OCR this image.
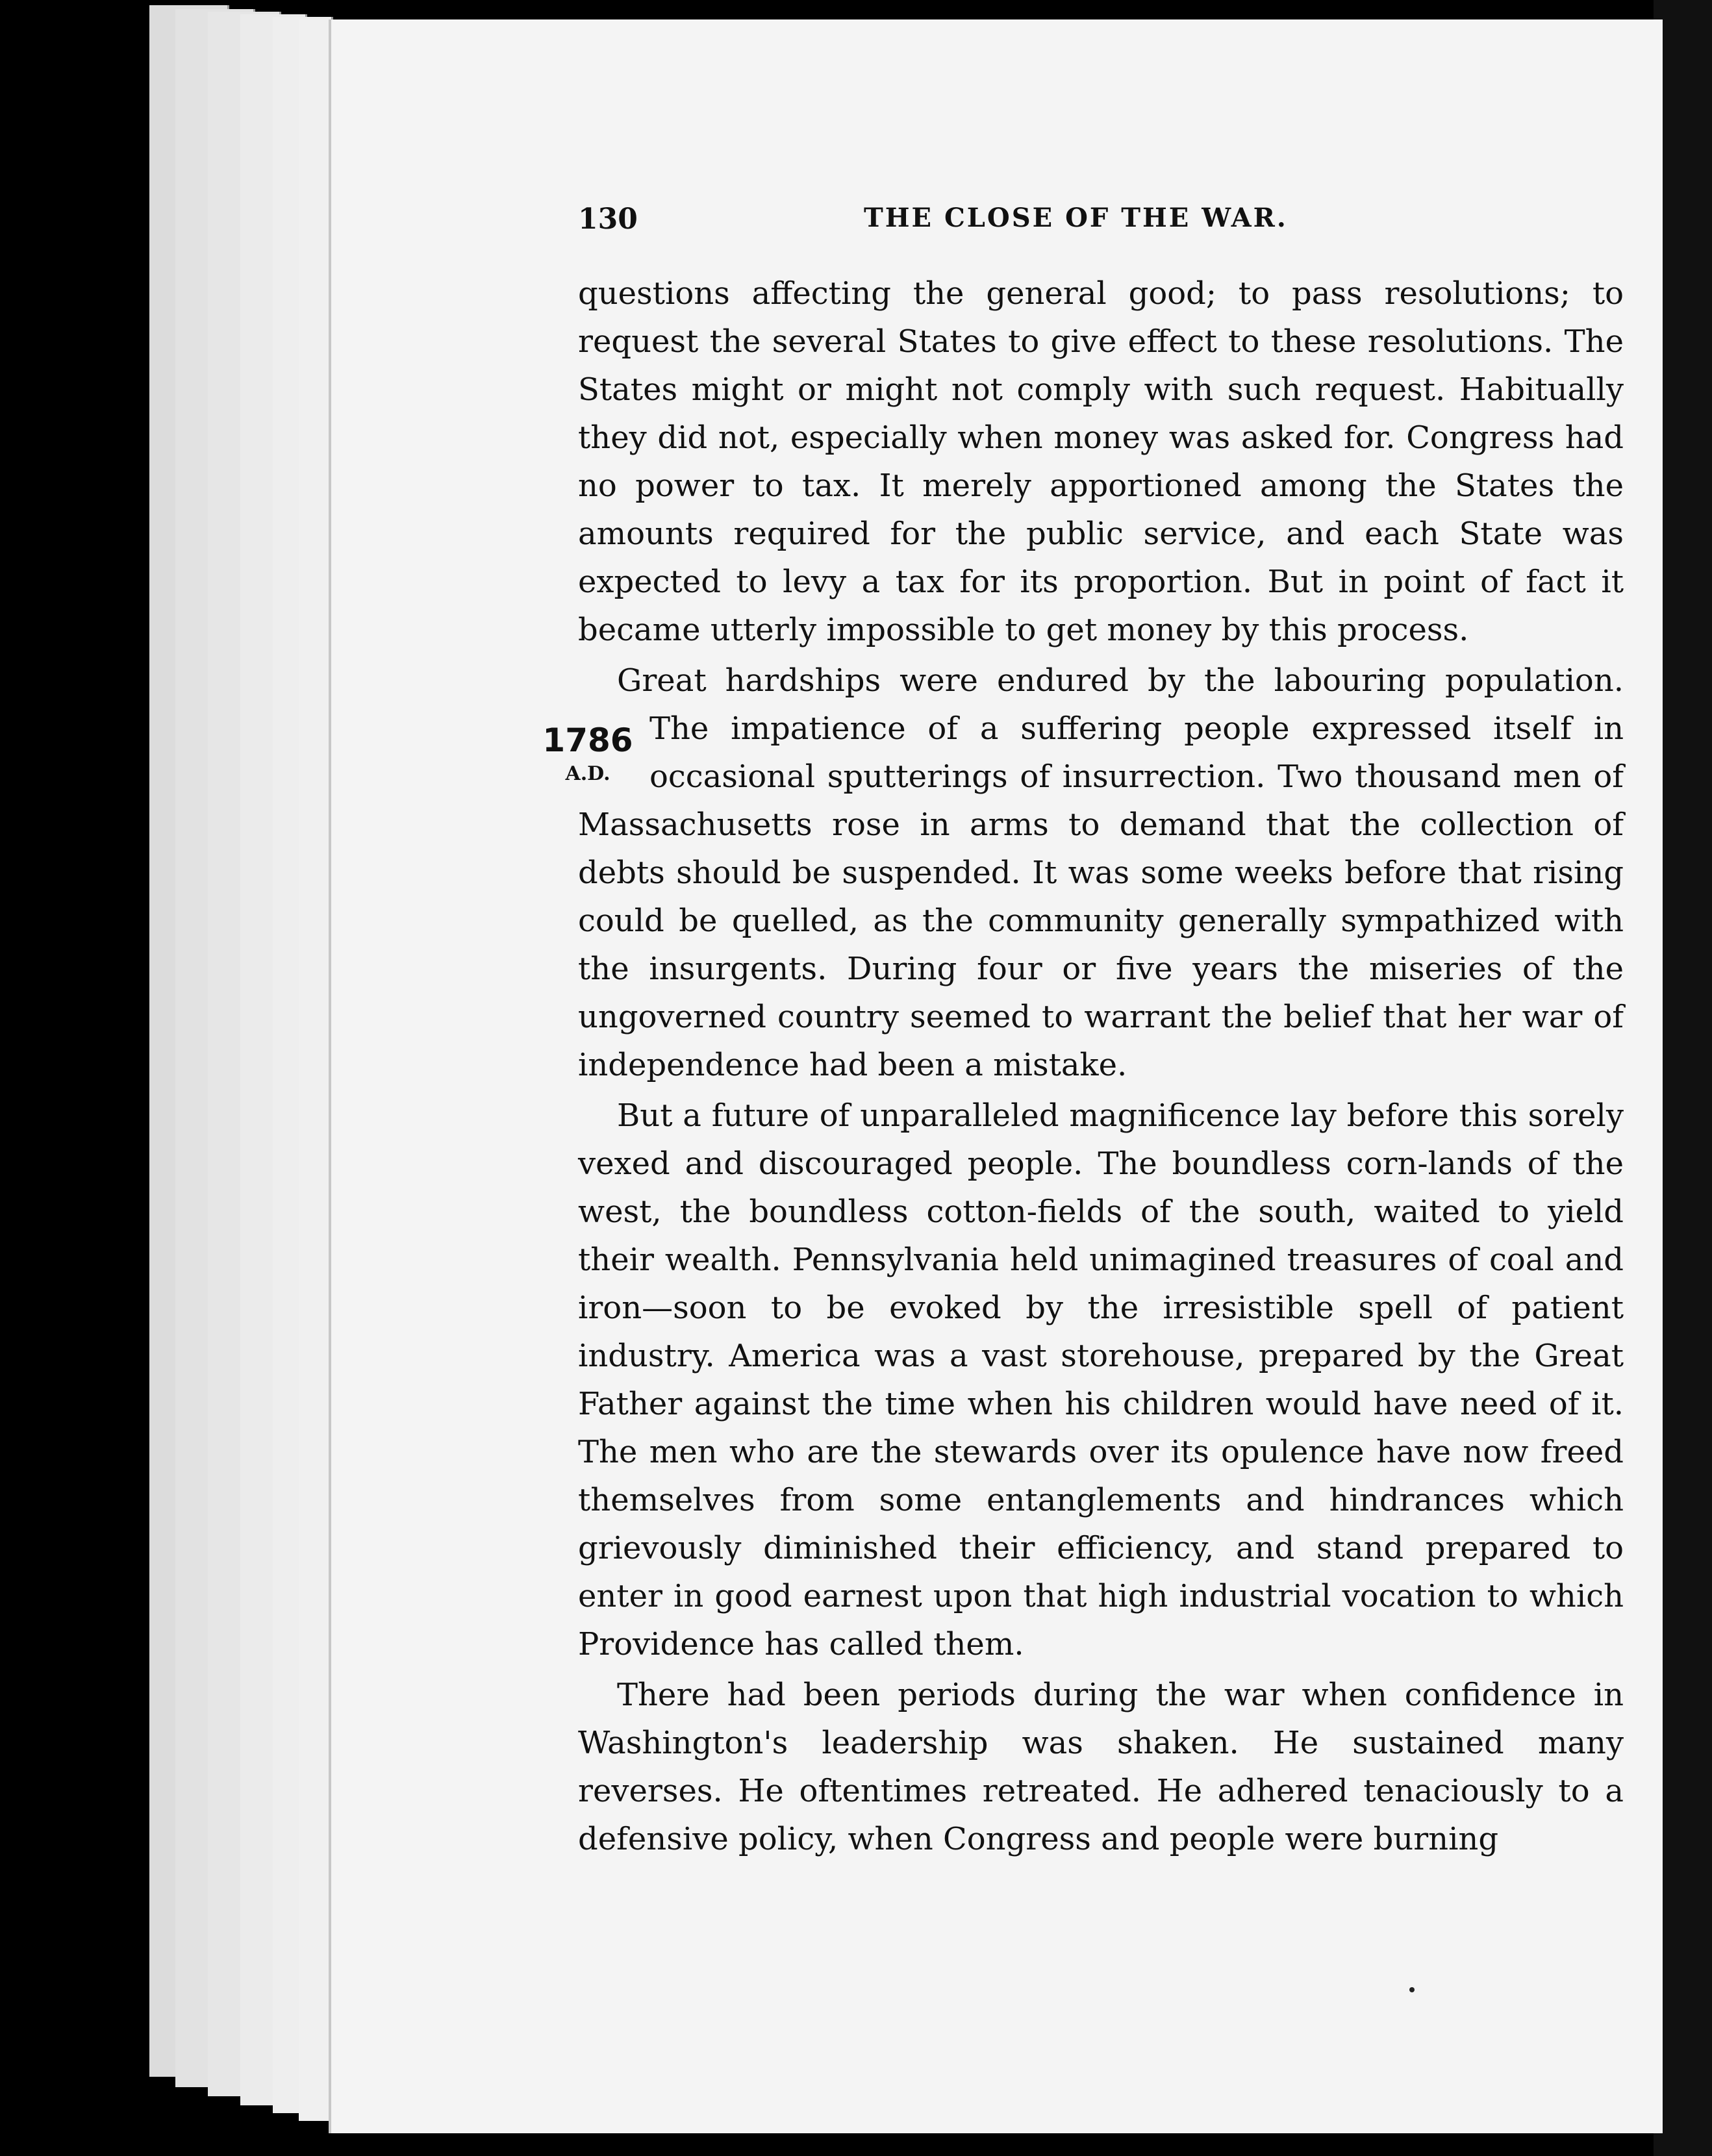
130	THE CLOSE OF THE WAR.

questions affecting the general good; to pass resolutions; to request the several States to give effect to these resolutions. The States might or might not comply with such request. Habitually they did not, especially when money was asked for. Congress had no power to tax. It merely apportioned among the States the amounts required for the public service, and each State was expected to levy a tax for its proportion. But in point of fact it became utterly impossible to get money by this process.

Great hardships were endured by the labouring population.
1786
A.D.
The impatience of a suffering people expressed itself in occasional sputterings of insurrection. Two thousand men of Massachusetts rose in arms to demand that the collection of debts should be suspended. It was some weeks before that rising could be quelled, as the community generally sympathized with the insurgents. During four or five years the miseries of the ungoverned country seemed to warrant the belief that her war of independence had been a mistake.

But a future of unparalleled magnificence lay before this sorely vexed and discouraged people. The boundless corn-lands of the west, the boundless cotton-fields of the south, waited to yield their wealth. Pennsylvania held unimagined treasures of coal and iron—soon to be evoked by the irresistible spell of patient industry. America was a vast storehouse, prepared by the Great Father against the time when his children would have need of it. The men who are the stewards over its opulence have now freed themselves from some entanglements and hindrances which grievously diminished their efficiency, and stand prepared to enter in good earnest upon that high industrial vocation to which Providence has called them.

There had been periods during the war when confidence in Washington's leadership was shaken. He sustained many reverses. He oftentimes retreated. He adhered tenaciously to a defensive policy, when Congress and people were burning
